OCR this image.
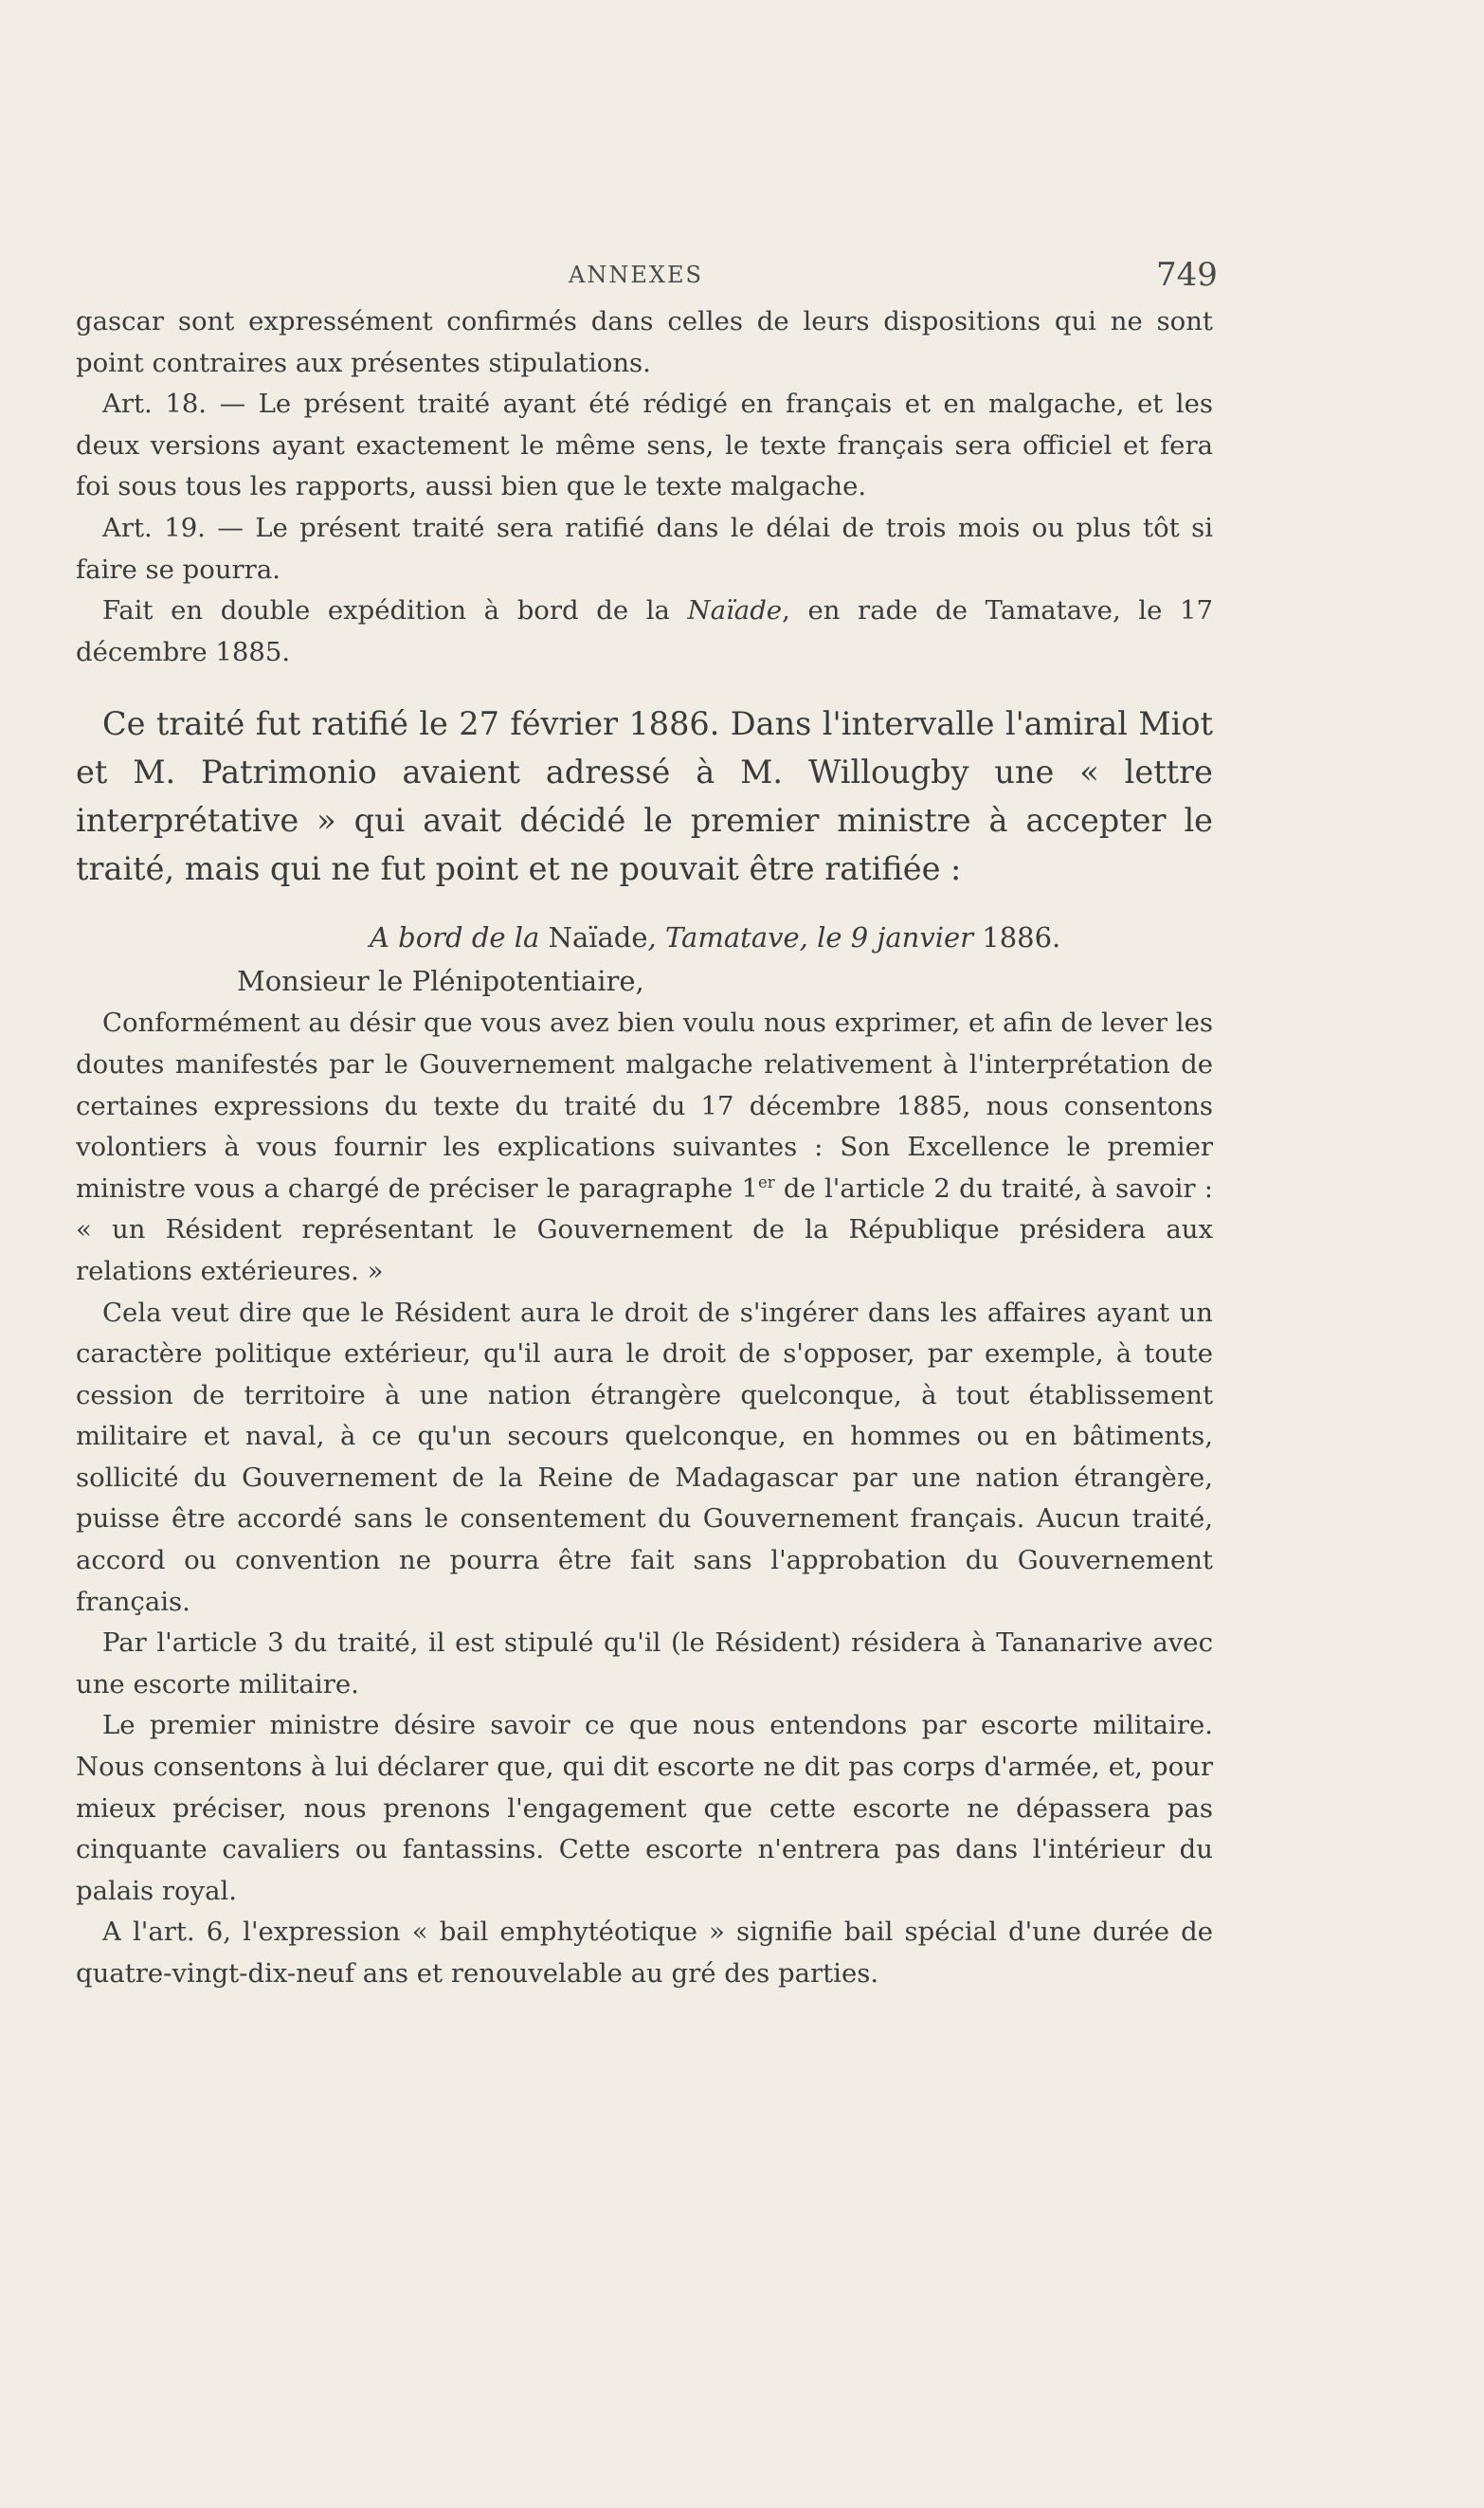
ANNEXES	749

gascar sont expressément confirmés dans celles de leurs dispositions qui ne sont point contraires aux présentes stipulations.

Art. 18. — Le présent traité ayant été rédigé en français et en malgache, et les deux versions ayant exactement le même sens, le texte français sera officiel et fera foi sous tous les rapports, aussi bien que le texte malgache.

Art. 19. — Le présent traité sera ratifié dans le délai de trois mois ou plus tôt si faire se pourra.

Fait en double expédition à bord de la Naïade, en rade de Tamatave, le 17 décembre 1885.

Ce traité fut ratifié le 27 février 1886. Dans l'intervalle l'amiral Miot et M. Patrimonio avaient adressé à M. Willougby une « lettre interprétative » qui avait décidé le premier ministre à accepter le traité, mais qui ne fut point et ne pouvait être ratifiée :

A bord de la Naïade, Tamatave, le 9 janvier 1886.

Monsieur le Plénipotentiaire,

Conformément au désir que vous avez bien voulu nous exprimer, et afin de lever les doutes manifestés par le Gouvernement malgache relativement à l'interprétation de certaines expressions du texte du traité du 17 décembre 1885, nous consentons volontiers à vous fournir les explications suivantes : Son Excellence le premier ministre vous a chargé de préciser le paragraphe 1er de l'article 2 du traité, à savoir : « un Résident représentant le Gouvernement de la République présidera aux relations extérieures. »

Cela veut dire que le Résident aura le droit de s'ingérer dans les affaires ayant un caractère politique extérieur, qu'il aura le droit de s'opposer, par exemple, à toute cession de territoire à une nation étrangère quelconque, à tout établissement militaire et naval, à ce qu'un secours quelconque, en hommes ou en bâtiments, sollicité du Gouvernement de la Reine de Madagascar par une nation étrangère, puisse être accordé sans le consentement du Gouvernement français. Aucun traité, accord ou convention ne pourra être fait sans l'approbation du Gouvernement français.

Par l'article 3 du traité, il est stipulé qu'il (le Résident) résidera à Tananarive avec une escorte militaire.

Le premier ministre désire savoir ce que nous entendons par escorte militaire. Nous consentons à lui déclarer que, qui dit escorte ne dit pas corps d'armée, et, pour mieux préciser, nous prenons l'engagement que cette escorte ne dépassera pas cinquante cavaliers ou fantassins. Cette escorte n'entrera pas dans l'intérieur du palais royal.

A l'art. 6, l'expression « bail emphytéotique » signifie bail spécial d'une durée de quatre-vingt-dix-neuf ans et renouvelable au gré des parties.
